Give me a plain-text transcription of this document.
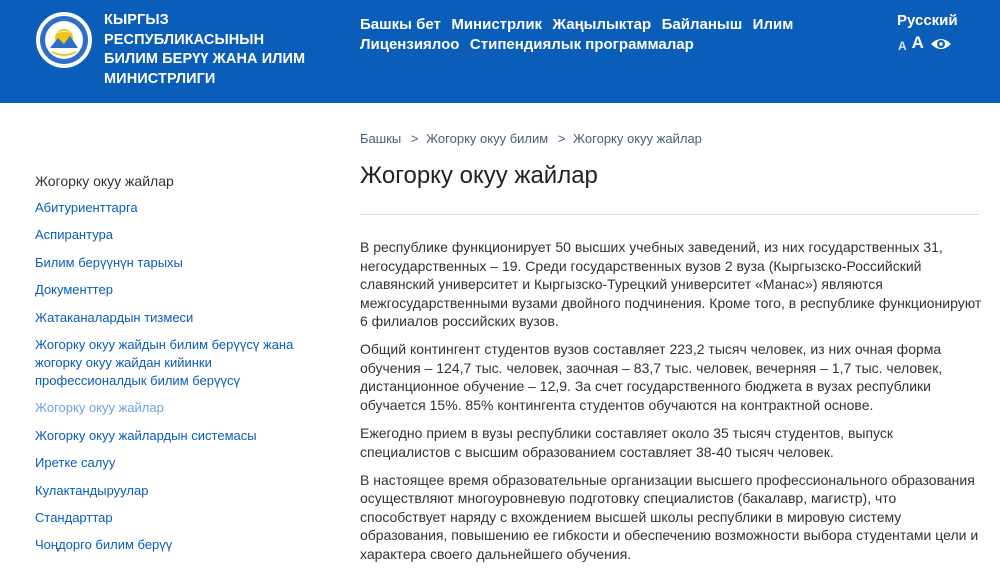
КЫРГЫЗ
РЕСПУБЛИКАСЫНЫН
БИЛИМ БЕРҮҮ ЖАНА ИЛИМ
МИНИСТРЛИГИ
Башкы бет Министрлик Жаңылыктар Байланыш Илим
Лицензиялоо Стипендиялык программалар
Русский
A A
Башкы > Жогорку окуу билим > Жогорку окуу жайлар
Жогорку окуу жайлар

В республике функционирует 50 высших учебных заведений, из них государственных 31, негосударственных – 19. Среди государственных вузов 2 вуза (Кыргызско-Российский славянский университет и Кыргызско-Турецкий университет «Манас») являются межгосударственными вузами двойного подчинения. Кроме того, в республике функционируют 6 филиалов российских вузов.

Общий контингент студентов вузов составляет 223,2 тысяч человек, из них очная форма обучения – 124,7 тыс. человек, заочная – 83,7 тыс. человек, вечерняя – 1,7 тыс. человек, дистанционное обучение – 12,9. За счет государственного бюджета в вузах республики обучается 15%. 85% контингента студентов обучаются на контрактной основе.

Ежегодно прием в вузы республики составляет около 35 тысяч студентов, выпуск специалистов с высшим образованием составляет 38-40 тысяч человек.

В настоящее время образовательные организации высшего профессионального образования осуществляют многоуровневую подготовку специалистов (бакалавр, магистр), что способствует наряду с вхождением высшей школы республики в мировую систему образования, повышению ее гибкости и обеспечению возможности выбора студентами цели и характера своего дальнейшего обучения.

Жогорку окуу жайлар
Абитуриенттарга
Аспирантура
Билим берүүнүн тарыхы
Документтер
Жатаканалардын тизмеси
Жогорку окуу жайдын билим берүүсү жана жогорку окуу жайдан кийинки профессионалдык билим берүүсү
Жогорку окуу жайлар
Жогорку окуу жайлардын системасы
Иретке салуу
Кулактандыруулар
Стандарттар
Чоңдорго билим берүү
